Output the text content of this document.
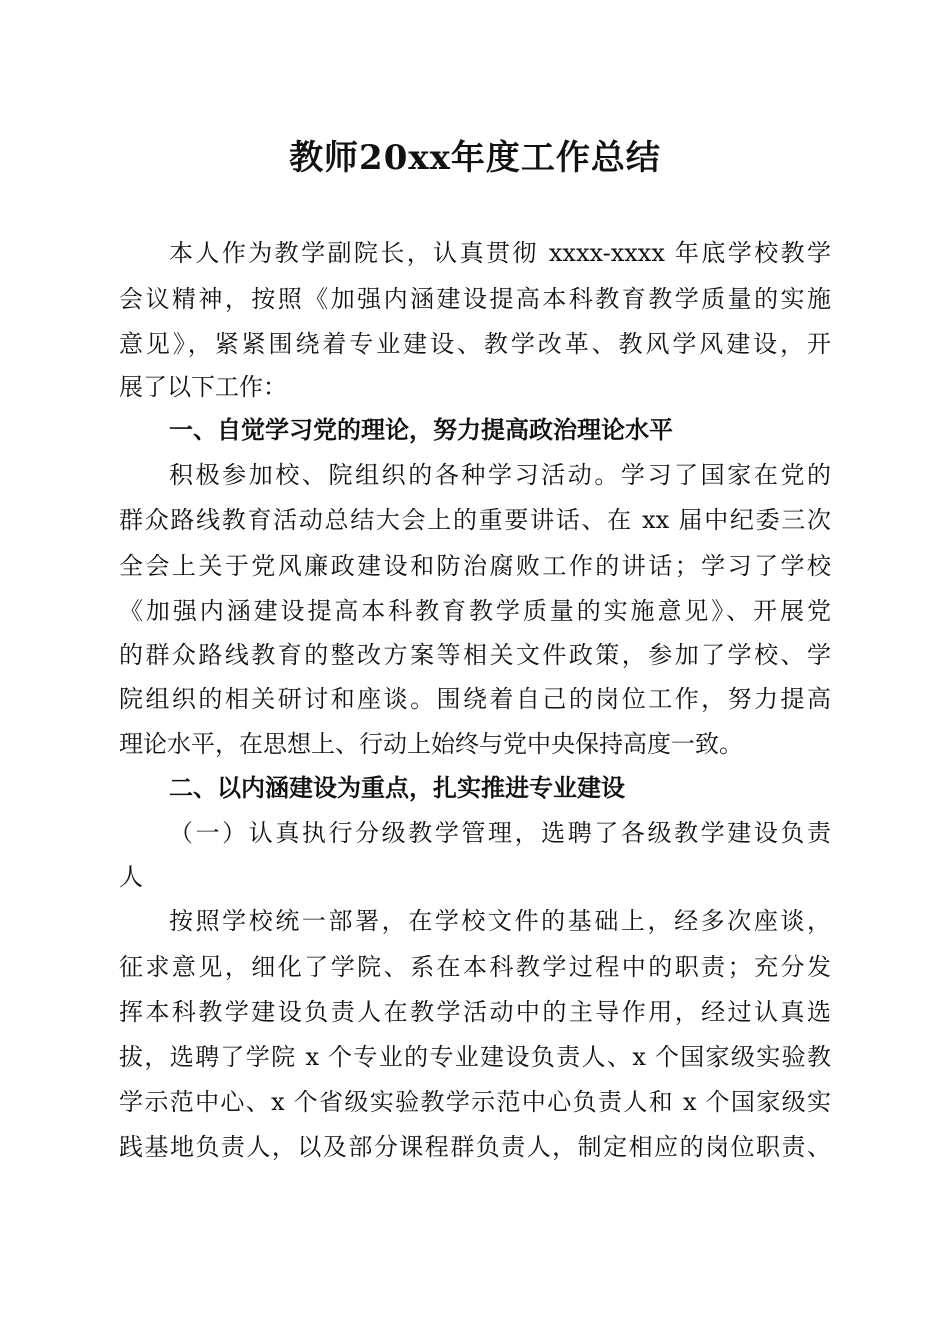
教师20xx年度工作总结
本人作为教学副院长，认真贯彻 xxxx-xxxx 年底学校教学
会议精神，按照《加强内涵建设提高本科教育教学质量的实施
意见》，紧紧围绕着专业建设、教学改革、教风学风建设，开
展了以下工作：
一、自觉学习党的理论，努力提高政治理论水平
积极参加校、院组织的各种学习活动。学习了国家在党的
群众路线教育活动总结大会上的重要讲话、在 xx 届中纪委三次
全会上关于党风廉政建设和防治腐败工作的讲话；学习了学校
《加强内涵建设提高本科教育教学质量的实施意见》、开展党
的群众路线教育的整改方案等相关文件政策，参加了学校、学
院组织的相关研讨和座谈。围绕着自己的岗位工作，努力提高
理论水平，在思想上、行动上始终与党中央保持高度一致。
二、以内涵建设为重点，扎实推进专业建设
（一）认真执行分级教学管理，选聘了各级教学建设负责
人
按照学校统一部署，在学校文件的基础上，经多次座谈，
征求意见，细化了学院、系在本科教学过程中的职责；充分发
挥本科教学建设负责人在教学活动中的主导作用，经过认真选
拔，选聘了学院 x 个专业的专业建设负责人、x 个国家级实验教
学示范中心、x 个省级实验教学示范中心负责人和 x 个国家级实
践基地负责人，以及部分课程群负责人，制定相应的岗位职责、
